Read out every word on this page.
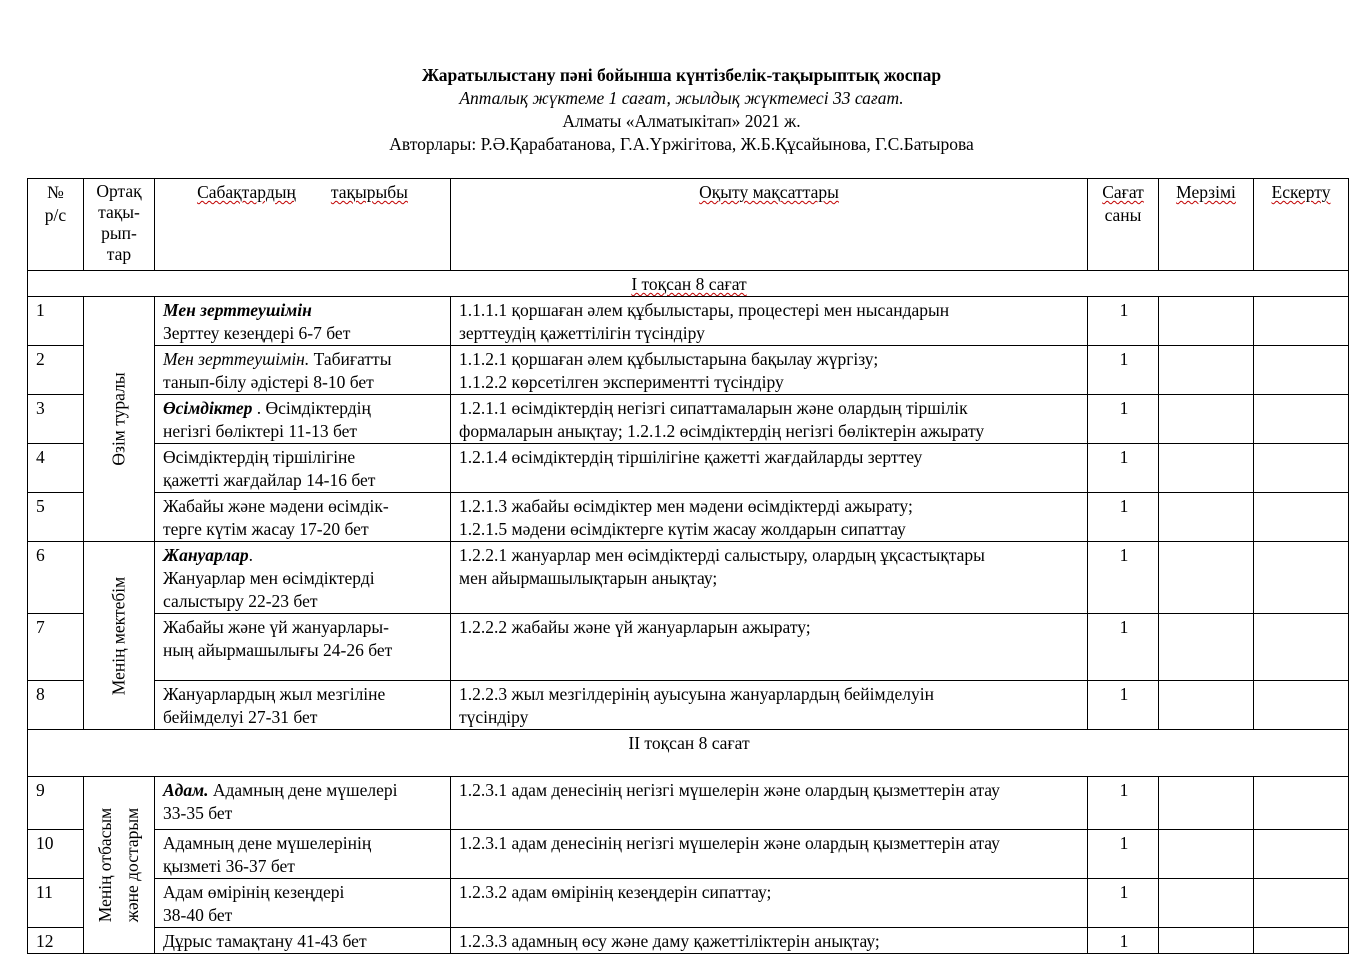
Жаратылыстану пәні бойынша күнтізбелік-тақырыптық жоспар
Апталық жүктеме 1 сағат, жылдық жүктемесі 33 сағат.
Алматы «Алматыкітап» 2021 ж.
Авторлары: Р.Ә.Қарабатанова, Г.А.Үржігітова, Ж.Б.Құсайынова, Г.С.Батырова
№
р/с	Ортақ
тақы-
рып-
тар	Сабақтардың тақырыбы	Оқыту мақсаттары	Сағат
саны	Мерзімі	Ескерту
I тоқсан 8 сағат						
1	Өзім туралы	Мен зерттеушімін
Зерттеу кезеңдері 6-7 бет	1.1.1.1 қоршаған әлем құбылыстары, процестері мен нысандарын
зерттеудің қажеттілігін түсіндіру	1		
2		Мен зерттеушімін. Табиғатты
танып-білу әдістері 8-10 бет	1.1.2.1 қоршаған әлем құбылыстарына бақылау жүргізу;
1.1.2.2 көрсетілген экспериментті түсіндіру	1		
3		Өсімдіктер . Өсімдіктердің
негізгі бөліктері 11-13 бет	1.2.1.1 өсімдіктердің негізгі сипаттамаларын және олардың тіршілік
формаларын анықтау; 1.2.1.2 өсімдіктердің негізгі бөліктерін ажырату	1		
4		Өсімдіктердің тіршілігіне
қажетті жағдайлар 14-16 бет	1.2.1.4 өсімдіктердің тіршілігіне қажетті жағдайларды зерттеу	1		
5		Жабайы және мәдени өсімдік-
терге күтім жасау 17-20 бет	1.2.1.3 жабайы өсімдіктер мен мәдени өсімдіктерді ажырату;
1.2.1.5 мәдени өсімдіктерге күтім жасау жолдарын сипаттау	1		
6	Менің мектебім	Жануарлар.
Жануарлар мен өсімдіктерді
салыстыру 22-23 бет	1.2.2.1 жануарлар мен өсімдіктерді салыстыру, олардың ұқсастықтары
мен айырмашылықтарын анықтау;	1		
7		Жабайы және үй жануарлары-
ның айырмашылығы 24-26 бет	1.2.2.2 жабайы және үй жануарларын ажырату;	1		
8		Жануарлардың жыл мезгіліне
бейімделуі 27-31 бет	1.2.2.3 жыл мезгілдерінің ауысуына жануарлардың бейімделуін
түсіндіру	1		
II тоқсан 8 сағат						
9	Менің отбасым және достарым	Адам. Адамның дене мүшелері
33-35 бет	1.2.3.1 адам денесінің негізгі мүшелерін және олардың қызметтерін атау	1		
10		Адамның дене мүшелерінің
қызметі 36-37 бет	1.2.3.1 адам денесінің негізгі мүшелерін және олардың қызметтерін атау	1		
11		Адам өмірінің кезеңдері
38-40 бет	1.2.3.2 адам өмірінің кезеңдерін сипаттау;	1		
12		Дұрыс тамақтану 41-43 бет	1.2.3.3 адамның өсу және даму қажеттіліктерін анықтау;	1		
